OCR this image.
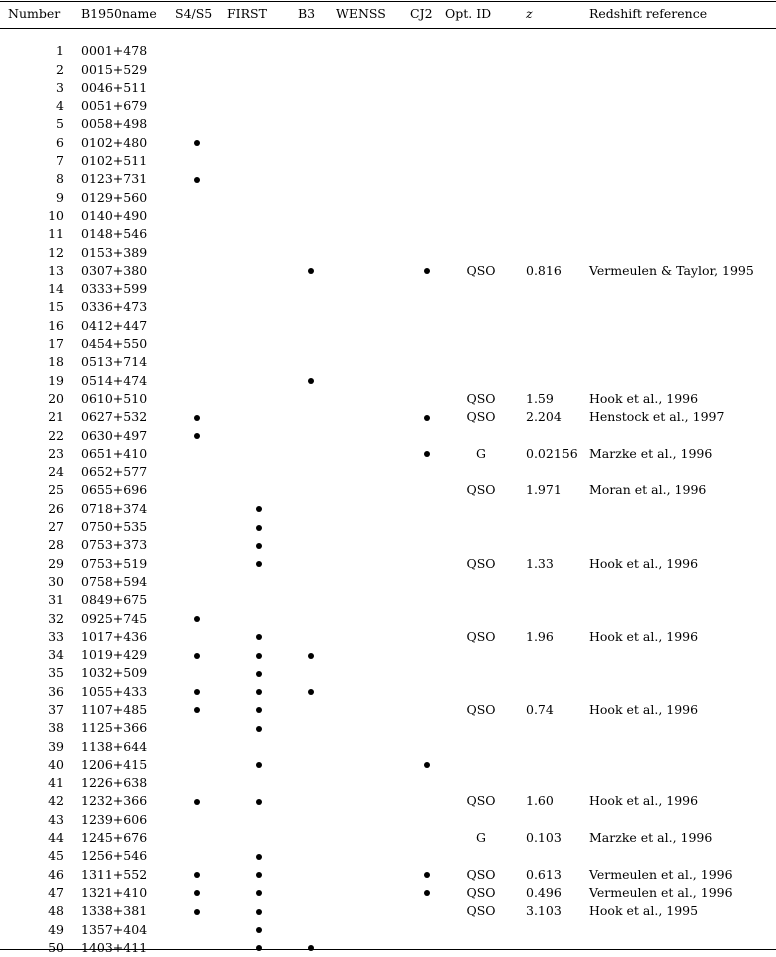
Number	B1950name	S4/S5	FIRST	B3	WENSS	CJ2	Opt. ID	z	Redshift reference

1	0001+478								
2	0015+529								
3	0046+511								
4	0051+679								
5	0058+498								
6	0102+480								
7	0102+511								
8	0123+731								
9	0129+560								
10	0140+490								
11	0148+546								
12	0153+389								
13	0307+380						QSO	0.816	Vermeulen & Taylor, 1995
14	0333+599								
15	0336+473								
16	0412+447								
17	0454+550								
18	0513+714								
19	0514+474								
20	0610+510						QSO	1.59	Hook et al., 1996
21	0627+532						QSO	2.204	Henstock et al., 1997
22	0630+497								
23	0651+410						G	0.02156	Marzke et al., 1996
24	0652+577								
25	0655+696						QSO	1.971	Moran et al., 1996
26	0718+374								
27	0750+535								
28	0753+373								
29	0753+519						QSO	1.33	Hook et al., 1996
30	0758+594								
31	0849+675								
32	0925+745								
33	1017+436						QSO	1.96	Hook et al., 1996
34	1019+429								
35	1032+509								
36	1055+433								
37	1107+485						QSO	0.74	Hook et al., 1996
38	1125+366								
39	1138+644								
40	1206+415								
41	1226+638								
42	1232+366						QSO	1.60	Hook et al., 1996
43	1239+606								
44	1245+676						G	0.103	Marzke et al., 1996
45	1256+546								
46	1311+552						QSO	0.613	Vermeulen et al., 1996
47	1321+410						QSO	0.496	Vermeulen et al., 1996
48	1338+381						QSO	3.103	Hook et al., 1995
49	1357+404								
50	1403+411								
